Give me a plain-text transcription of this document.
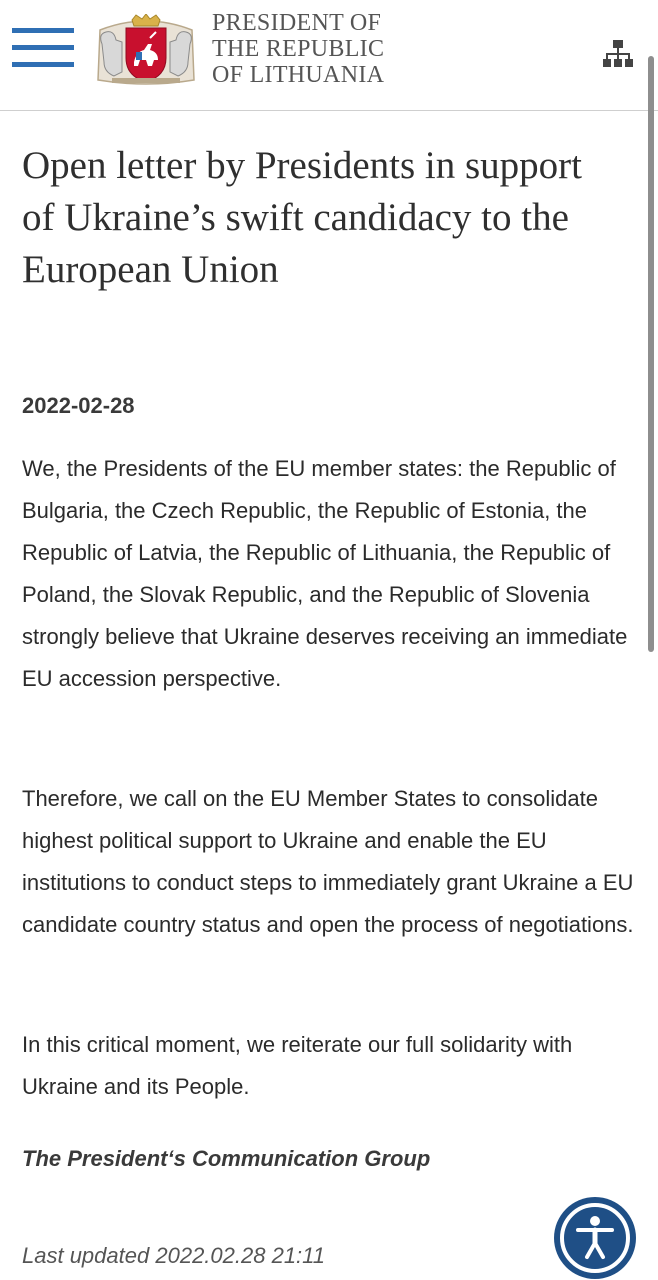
PRESIDENT OF
THE REPUBLIC
OF LITHUANIA
Open letter by Presidents in support of Ukraine’s swift candidacy to the European Union
2022-02-28

We, the Presidents of the EU member states: the Republic of Bulgaria, the Czech Republic, the Republic of Estonia, the Republic of Latvia, the Republic of Lithuania, the Republic of Poland, the Slovak Republic, and the Republic of Slovenia strongly believe that Ukraine deserves receiving an immediate EU accession perspective.

Therefore, we call on the EU Member States to consolidate highest political support to Ukraine and enable the EU institutions to conduct steps to immediately grant Ukraine a EU candidate country status and open the process of negotiations.

In this critical moment, we reiterate our full solidarity with Ukraine and its People.

The President‘s Communication Group
Last updated 2022.02.28 21:11
